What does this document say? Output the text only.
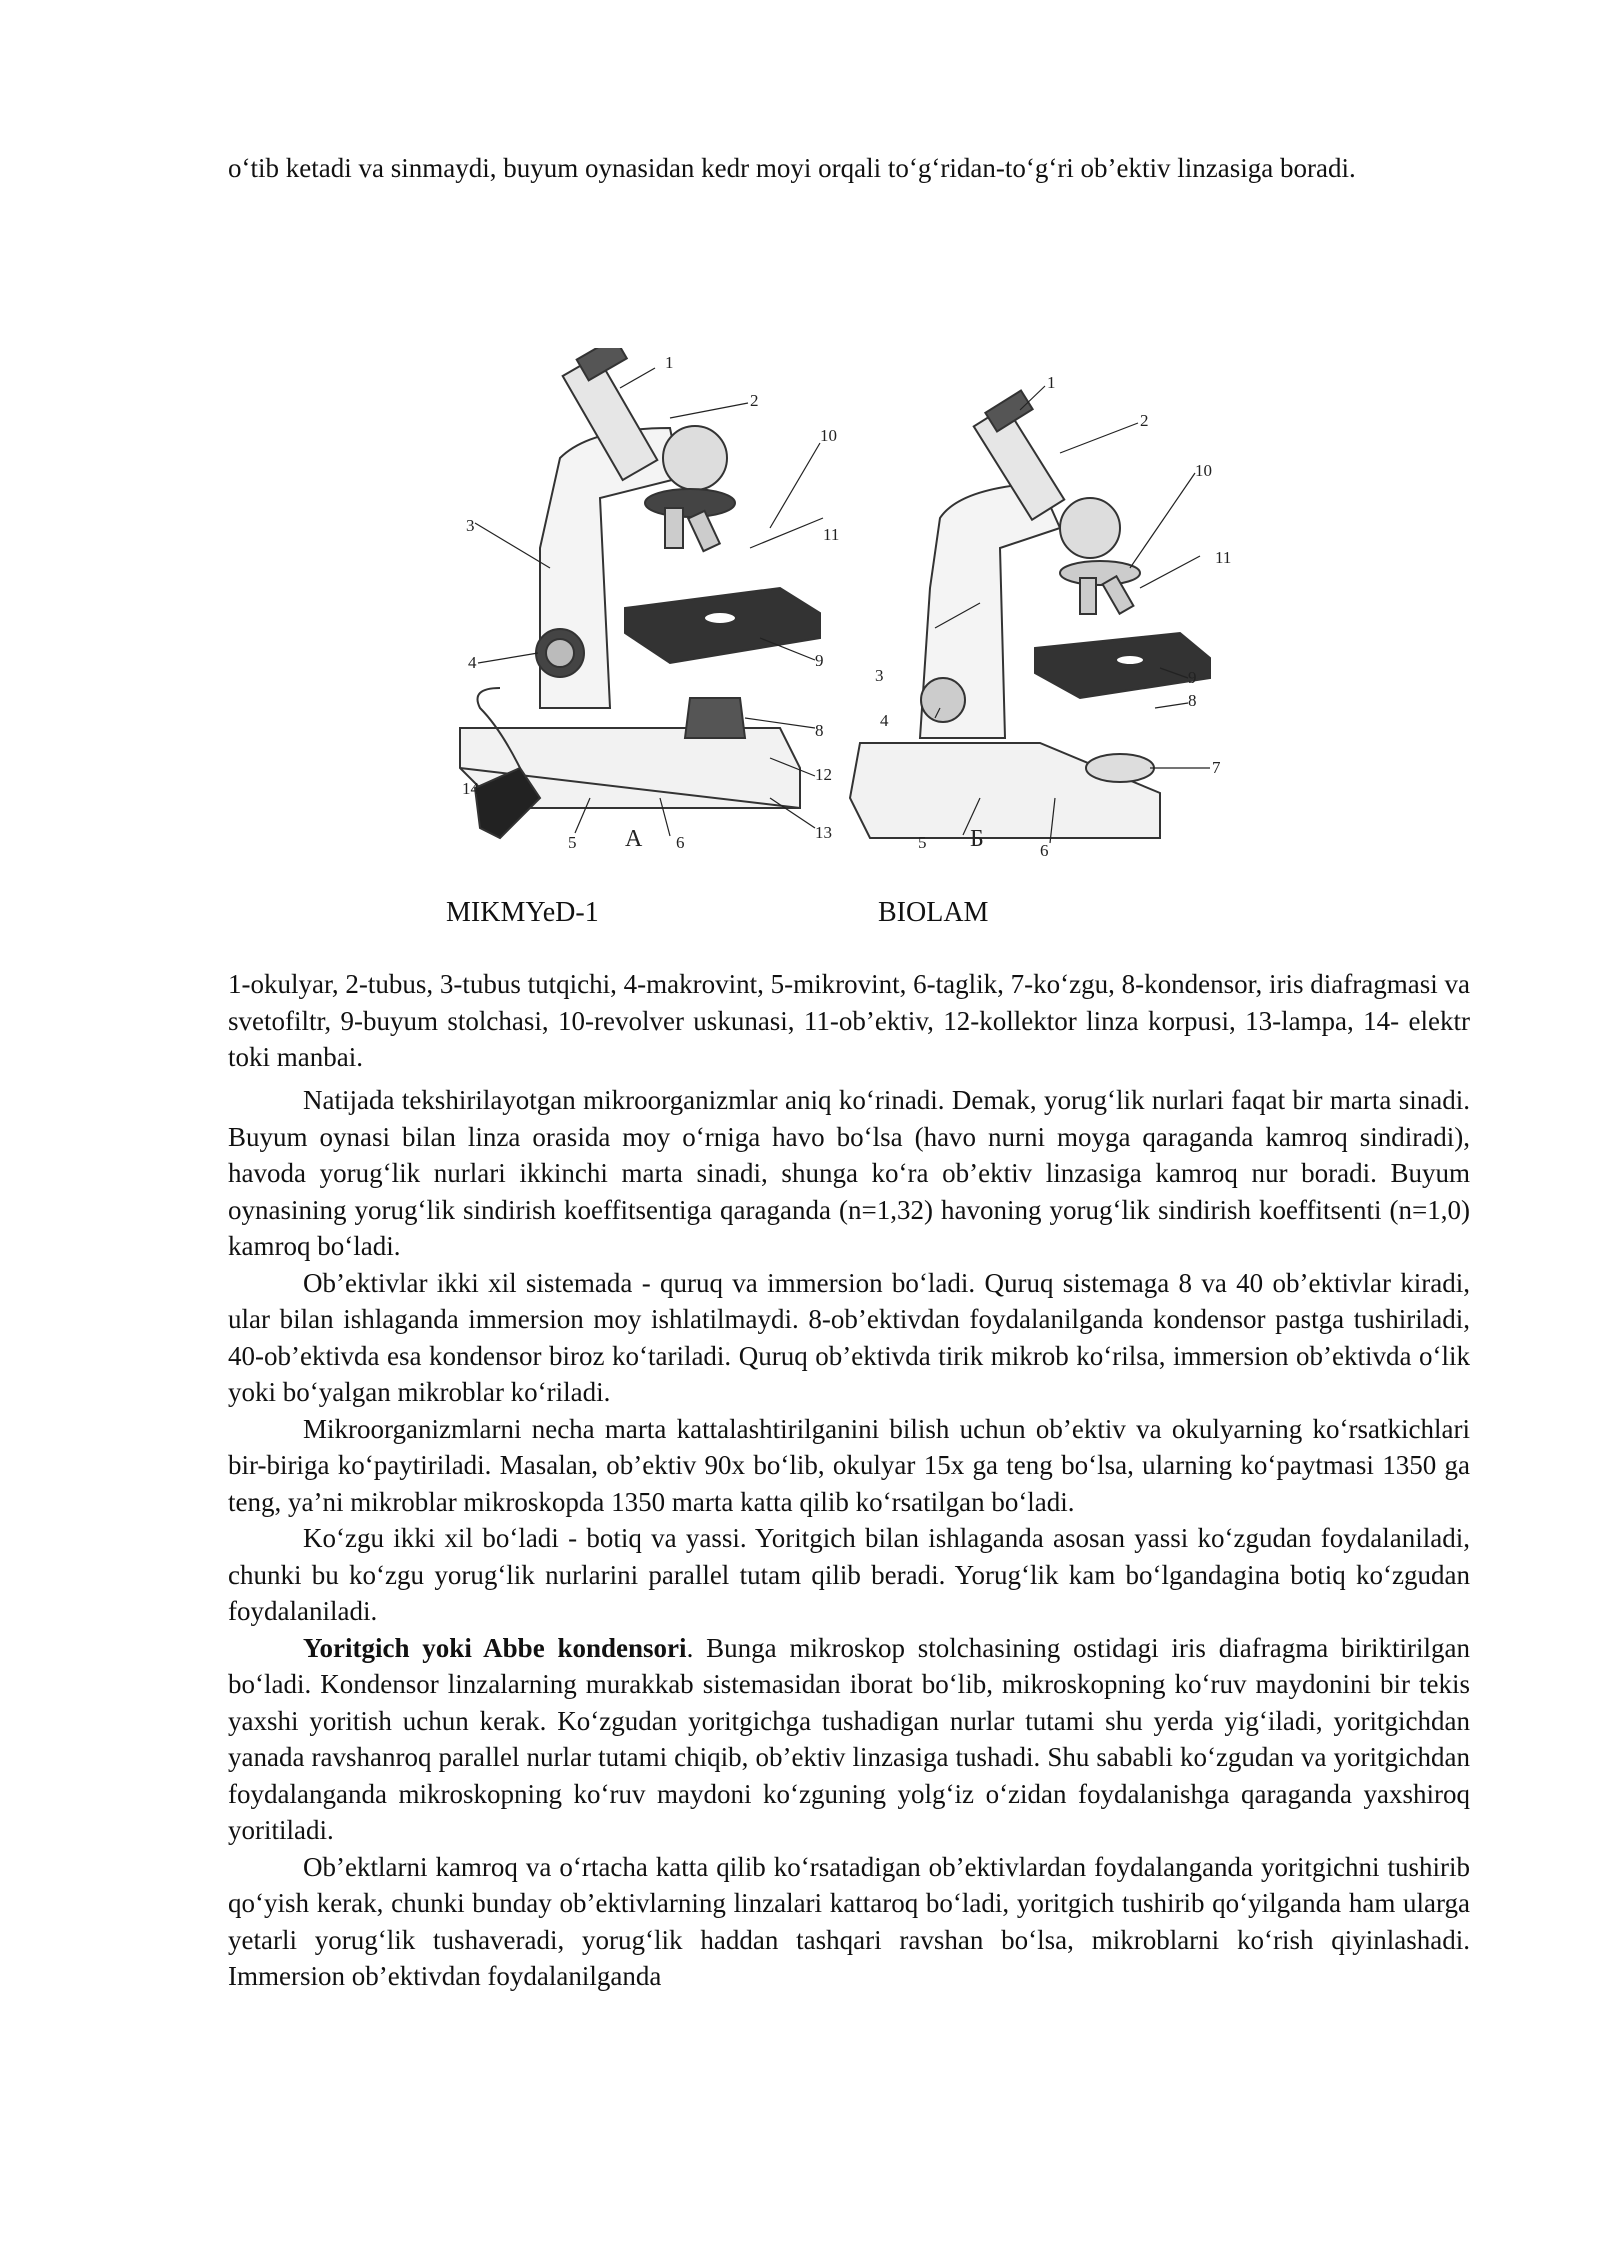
o‘tib ketadi va sinmaydi, buyum oynasidan kedr moyi orqali to‘g‘ridan-to‘g‘ri ob’ektiv linzasiga boradi.

1
2
10
11
3
4	9
8
12
14
5	6
13
A
1
2
10
11
3
4
9
8
7
5	6
Б
MIKMYeD-1	BIOLAM

1-okulyar, 2-tubus, 3-tubus tutqichi, 4-makrovint, 5-mikrovint, 6-taglik, 7-ko‘zgu, 8-kondensor, iris diafragmasi va svetofiltr, 9-buyum stolchasi, 10-revolver uskunasi, 11-ob’ektiv, 12-kollektor linza korpusi, 13-lampa, 14- elektr toki manbai.

Natijada tekshirilayotgan mikroorganizmlar aniq ko‘rinadi. Demak, yorug‘lik nurlari faqat bir marta sinadi. Buyum oynasi bilan linza orasida moy o‘rniga havo bo‘lsa (havo nurni moyga qaraganda kamroq sindiradi), havoda yorug‘lik nurlari ikkinchi marta sinadi, shunga ko‘ra ob’ektiv linzasiga kamroq nur boradi. Buyum oynasining yorug‘lik sindirish koeffitsentiga qaraganda (n=1,32) havoning yorug‘lik sindirish koeffitsenti (n=1,0) kamroq bo‘ladi.

Ob’ektivlar ikki xil sistemada - quruq va immersion bo‘ladi. Quruq sistemaga 8 va 40 ob’ektivlar kiradi, ular bilan ishlaganda immersion moy ishlatilmaydi. 8-ob’ektivdan foydalanilganda kondensor pastga tushiriladi, 40-ob’ektivda esa kondensor biroz ko‘tariladi. Quruq ob’ektivda tirik mikrob ko‘rilsa, immersion ob’ektivda o‘lik yoki bo‘yalgan mikroblar ko‘riladi.

Mikroorganizmlarni necha marta kattalashtirilganini bilish uchun ob’ektiv va okulyarning ko‘rsatkichlari bir-biriga ko‘paytiriladi. Masalan, ob’ektiv 90x bo‘lib, okulyar 15x ga teng bo‘lsa, ularning ko‘paytmasi 1350 ga teng, ya’ni mikroblar mikroskopda 1350 marta katta qilib ko‘rsatilgan bo‘ladi.

Ko‘zgu ikki xil bo‘ladi - botiq va yassi. Yoritgich bilan ishlaganda asosan yassi ko‘zgudan foydalaniladi, chunki bu ko‘zgu yorug‘lik nurlarini parallel tutam qilib beradi. Yorug‘lik kam bo‘lgandagina botiq ko‘zgudan foydalaniladi.

Yoritgich yoki Abbe kondensori. Bunga mikroskop stolchasining ostidagi iris diafragma biriktirilgan bo‘ladi. Kondensor linzalarning murakkab sistemasidan iborat bo‘lib, mikroskopning ko‘ruv maydonini bir tekis yaxshi yoritish uchun kerak. Ko‘zgudan yoritgichga tushadigan nurlar tutami shu yerda yig‘iladi, yoritgichdan yanada ravshanroq parallel nurlar tutami chiqib, ob’ektiv linzasiga tushadi. Shu sababli ko‘zgudan va yoritgichdan foydalanganda mikroskopning ko‘ruv maydoni ko‘zguning yolg‘iz o‘zidan foydalanishga qaraganda yaxshiroq yoritiladi.

Ob’ektlarni kamroq va o‘rtacha katta qilib ko‘rsatadigan ob’ektivlardan foydalanganda yoritgichni tushirib qo‘yish kerak, chunki bunday ob’ektivlarning linzalari kattaroq bo‘ladi, yoritgich tushirib qo‘yilganda ham ularga yetarli yorug‘lik tushaveradi, yorug‘lik haddan tashqari ravshan bo‘lsa, mikroblarni ko‘rish qiyinlashadi. Immersion ob’ektivdan foydalanilganda
